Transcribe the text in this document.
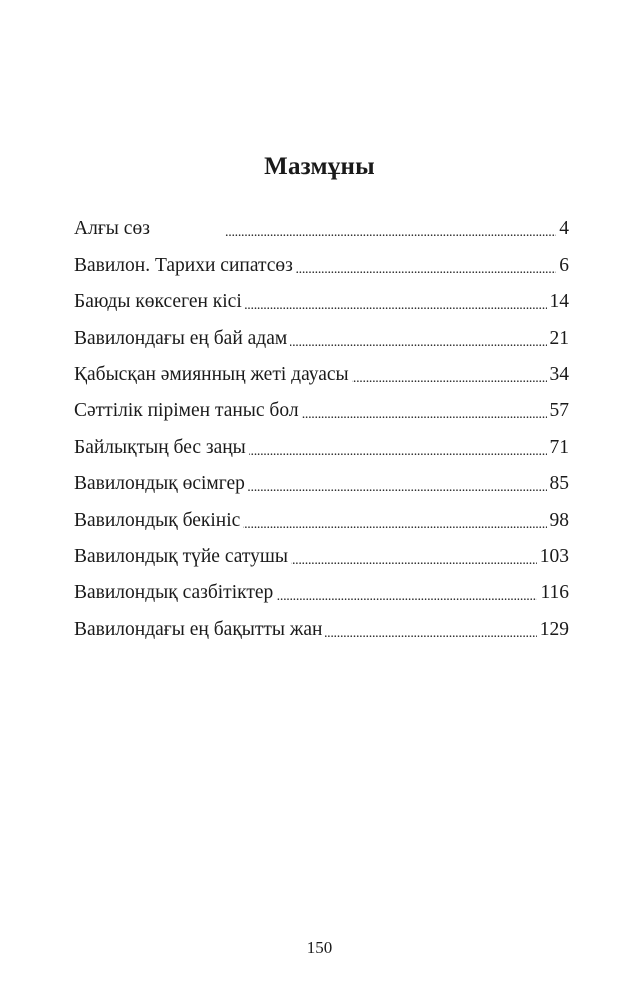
Мазмұны
Алғы сөз . . .	4
Вавилон. Тарихи сипатсөз . . .	6
Баюды көксеген кісі . . .	14
Вавилондағы ең бай адам . . .	21
Қабысқан әмиянның жеті дауасы . . .	34
Сәттілік пірімен таныс бол . . .	57
Байлықтың бес заңы . . .	71
Вавилондық өсімгер . . .	85
Вавилондық бекініс . . .	98
Вавилондық түйе сатушы . . .	103
Вавилондық сазбітіктер . . .	116
Вавилондағы ең бақытты жан . . .	129
150
